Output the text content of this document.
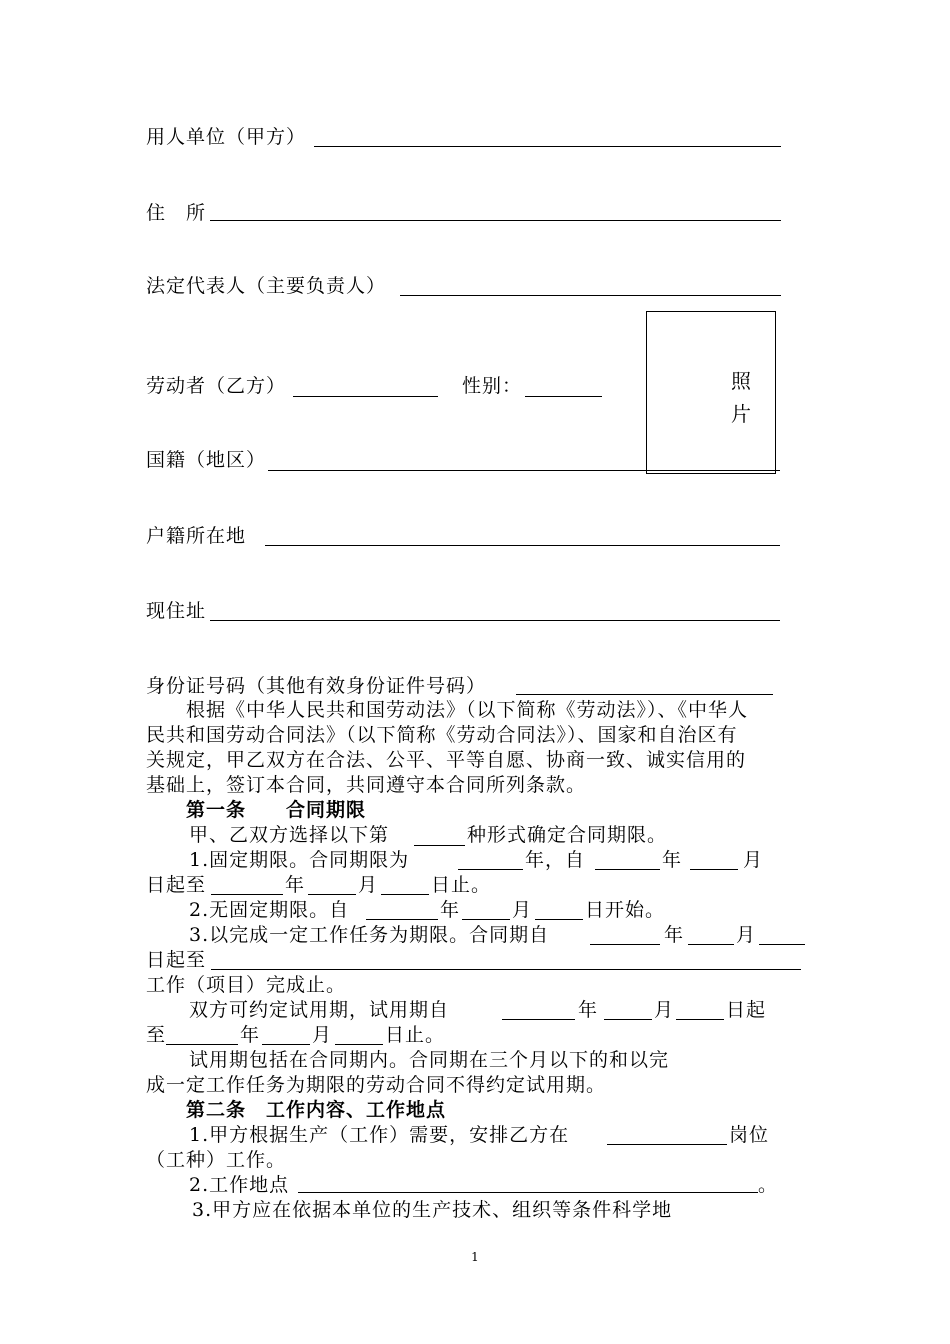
用人单位（甲方）
住　所
法定代表人（主要负责人）
照
片
劳动者（乙方）	性别：
国籍（地区）
户籍所在地
现住址
身份证号码（其他有效身份证件号码）
根据《中华人民共和国劳动法》（以下简称《劳动法》）、《中华人
民共和国劳动合同法》（以下简称《劳动合同法》）、国家和自治区有
关规定，甲乙双方在合法、公平、平等自愿、协商一致、诚实信用的
基础上，签订本合同，共同遵守本合同所列条款。
第一条　　合同期限
甲、乙双方选择以下第	种形式确定合同期限。
1.固定期限。合同期限为	年，自	年	月
日起至	年	月	日止。
2.无固定期限。自	年	月	日开始。
3.以完成一定工作任务为期限。合同期自	年	月
日起至
工作（项目）完成止。
双方可约定试用期，试用期自	年	月	日起
至	年	月	日止。
试用期包括在合同期内。合同期在三个月以下的和以完
成一定工作任务为期限的劳动合同不得约定试用期。
第二条　工作内容、工作地点
1.甲方根据生产（工作）需要，安排乙方在	岗位
（工种）工作。
2.工作地点	。
3.甲方应在依据本单位的生产技术、组织等条件科学地
1
